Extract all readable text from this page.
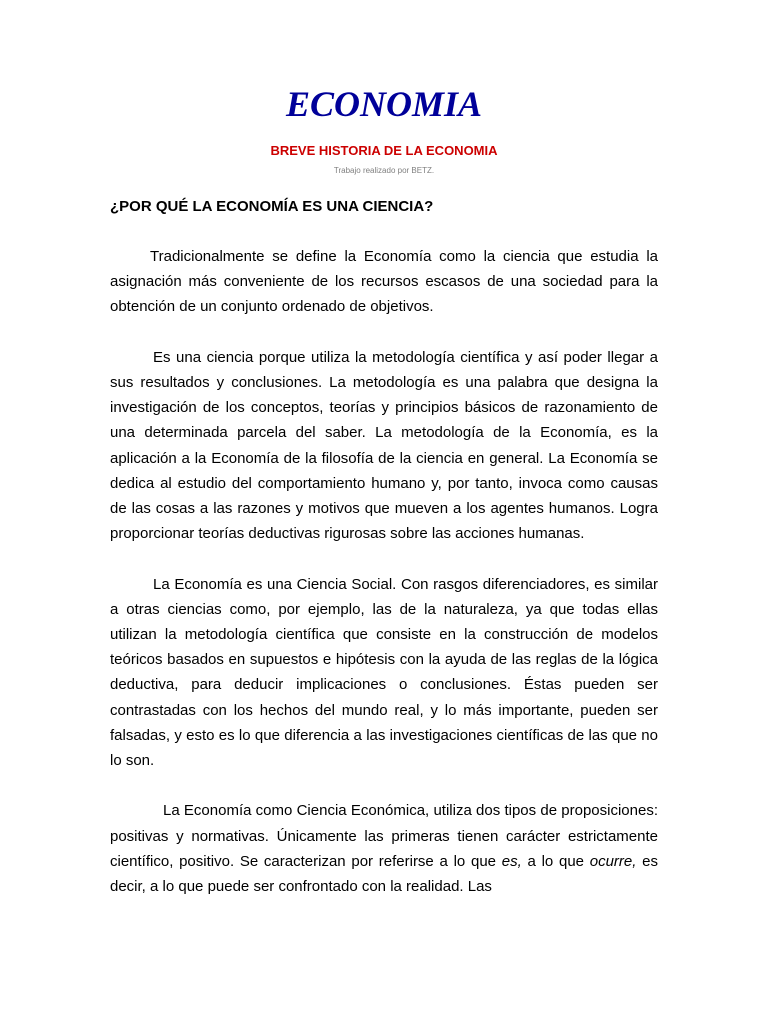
ECONOMIA
BREVE HISTORIA DE LA ECONOMIA
Trabajo realizado por BETZ.
¿POR QUÉ LA ECONOMÍA ES UNA CIENCIA?

Tradicionalmente se define la Economía como la ciencia que estudia la asignación más conveniente de los recursos escasos de una sociedad para la obtención de un conjunto ordenado de objetivos.

Es una ciencia porque utiliza la metodología científica y así poder llegar a sus resultados y conclusiones. La metodología es una palabra que designa la investigación de los conceptos, teorías y principios básicos de razonamiento de una determinada parcela del saber. La metodología de la Economía, es la aplicación a la Economía de la filosofía de la ciencia en general. La Economía se dedica al estudio del comportamiento humano y, por tanto, invoca como causas de las cosas a las razones y motivos que mueven a los agentes humanos. Logra proporcionar teorías deductivas rigurosas sobre las acciones humanas.

La Economía es una Ciencia Social. Con rasgos diferenciadores, es similar a otras ciencias como, por ejemplo, las de la naturaleza, ya que todas ellas utilizan la metodología científica que consiste en la construcción de modelos teóricos basados en supuestos e hipótesis con la ayuda de las reglas de la lógica deductiva, para deducir implicaciones o conclusiones. Éstas pueden ser contrastadas con los hechos del mundo real, y lo más importante, pueden ser falsadas, y esto es lo que diferencia a las investigaciones científicas de las que no lo son.

La Economía como Ciencia Económica, utiliza dos tipos de proposiciones: positivas y normativas. Únicamente las primeras tienen carácter estrictamente científico, positivo. Se caracterizan por referirse a lo que es, a lo que ocurre, es decir, a lo que puede ser confrontado con la realidad. Las
